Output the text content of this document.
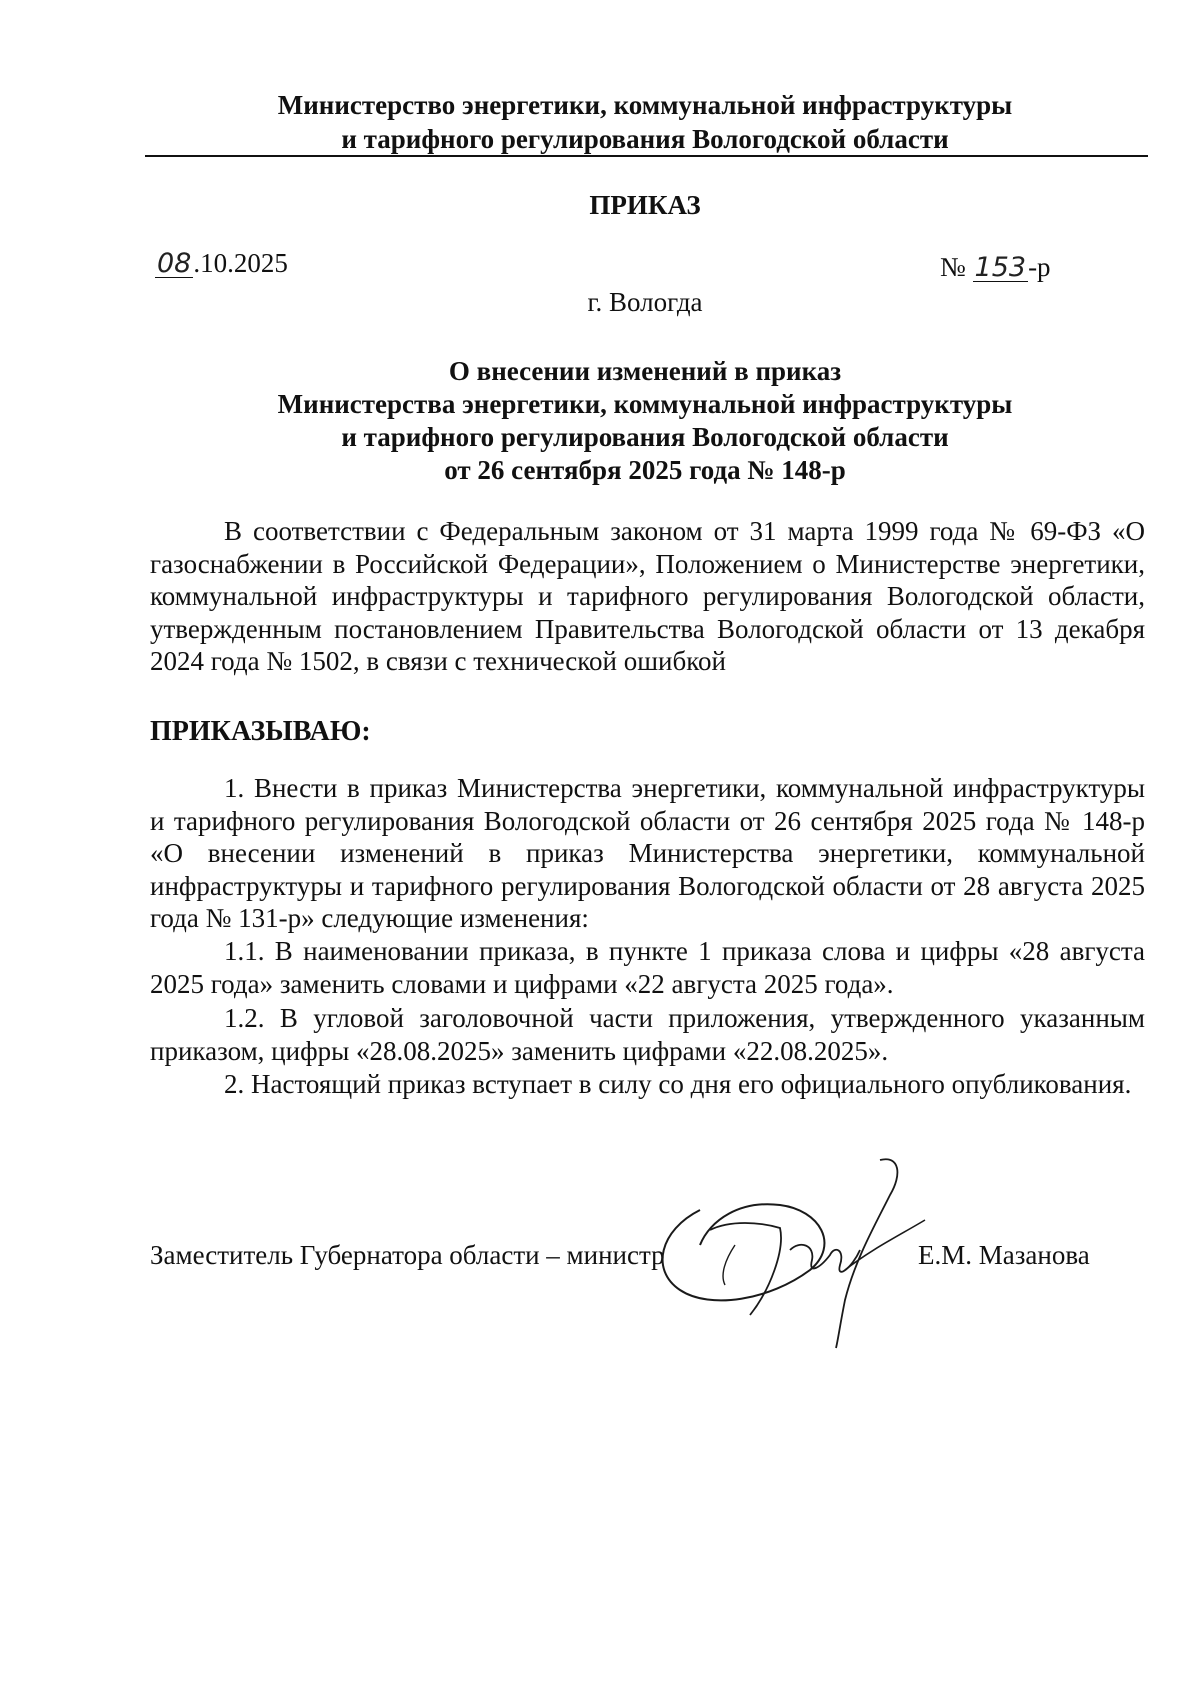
Министерство энергетики, коммунальной инфраструктуры
и тарифного регулирования Вологодской области
ПРИКАЗ
08.10.2025	№ 153-р
г. Вологда
О внесении изменений в приказ
Министерства энергетики, коммунальной инфраструктуры
и тарифного регулирования Вологодской области
от 26 сентября 2025 года № 148-р
В соответствии с Федеральным законом от 31 марта 1999 года № 69-ФЗ «О газоснабжении в Российской Федерации», Положением о Министерстве энергетики, коммунальной инфраструктуры и тарифного регулирования Вологодской области, утвержденным постановлением Правительства Вологодской области от 13 декабря 2024 года № 1502, в связи с технической ошибкой
ПРИКАЗЫВАЮ:
1. Внести в приказ Министерства энергетики, коммунальной инфраструктуры и тарифного регулирования Вологодской области от 26 сентября 2025 года № 148-р «О внесении изменений в приказ Министерства энергетики, коммунальной инфраструктуры и тарифного регулирования Вологодской области от 28 августа 2025 года № 131-р» следующие изменения:
1.1. В наименовании приказа, в пункте 1 приказа слова и цифры «28 августа 2025 года» заменить словами и цифрами «22 августа 2025 года».
1.2. В угловой заголовочной части приложения, утвержденного указанным приказом, цифры «28.08.2025» заменить цифрами «22.08.2025».
2. Настоящий приказ вступает в силу со дня его официального опубликования.
Заместитель Губернатора области – министр	Е.М. Мазанова
